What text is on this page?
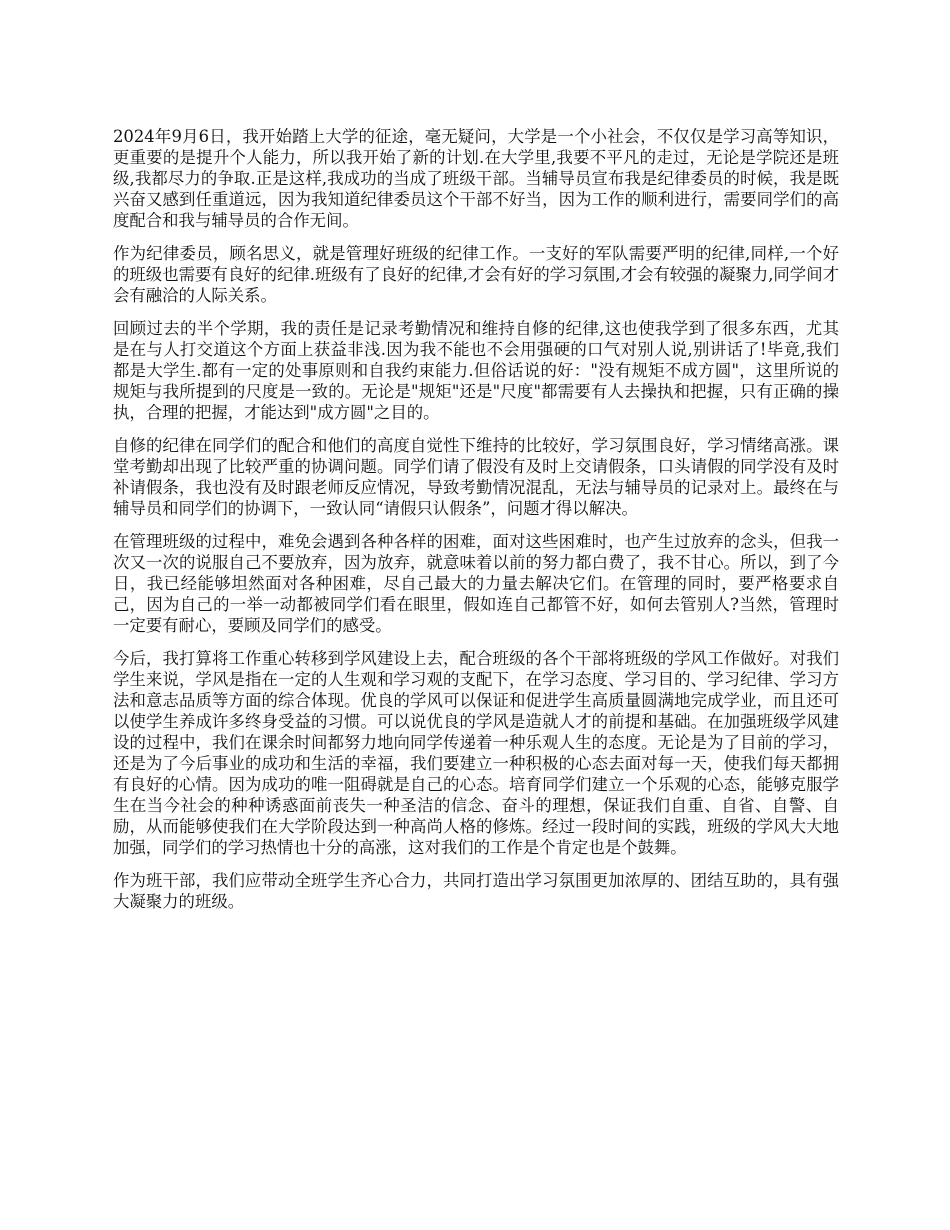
2024年9月6日，我开始踏上大学的征途，毫无疑问，大学是一个小社会，不仅仅是学习高等知识，更重要的是提升个人能力，所以我开始了新的计划.在大学里,我要不平凡的走过，无论是学院还是班级,我都尽力的争取.正是这样,我成功的当成了班级干部。当辅导员宣布我是纪律委员的时候，我是既兴奋又感到任重道远，因为我知道纪律委员这个干部不好当，因为工作的顺利进行，需要同学们的高度配合和我与辅导员的合作无间。

作为纪律委员，顾名思义，就是管理好班级的纪律工作。一支好的军队需要严明的纪律,同样,一个好的班级也需要有良好的纪律.班级有了良好的纪律,才会有好的学习氛围,才会有较强的凝聚力,同学间才会有融洽的人际关系。

回顾过去的半个学期，我的责任是记录考勤情况和维持自修的纪律,这也使我学到了很多东西，尤其是在与人打交道这个方面上获益非浅.因为我不能也不会用强硬的口气对别人说,别讲话了!毕竟,我们都是大学生.都有一定的处事原则和自我约束能力.但俗话说的好："没有规矩不成方圆"，这里所说的规矩与我所提到的尺度是一致的。无论是"规矩"还是"尺度"都需要有人去操执和把握，只有正确的操执，合理的把握，才能达到"成方圆"之目的。

自修的纪律在同学们的配合和他们的高度自觉性下维持的比较好，学习氛围良好，学习情绪高涨。课堂考勤却出现了比较严重的协调问题。同学们请了假没有及时上交请假条，口头请假的同学没有及时补请假条，我也没有及时跟老师反应情况，导致考勤情况混乱，无法与辅导员的记录对上。最终在与辅导员和同学们的协调下，一致认同“请假只认假条”，问题才得以解决。

在管理班级的过程中，难免会遇到各种各样的困难，面对这些困难时，也产生过放弃的念头，但我一次又一次的说服自己不要放弃，因为放弃，就意味着以前的努力都白费了，我不甘心。所以，到了今日，我已经能够坦然面对各种困难，尽自己最大的力量去解决它们。在管理的同时，要严格要求自己，因为自己的一举一动都被同学们看在眼里，假如连自己都管不好，如何去管别人?当然，管理时一定要有耐心，要顾及同学们的感受。

今后，我打算将工作重心转移到学风建设上去，配合班级的各个干部将班级的学风工作做好。对我们学生来说，学风是指在一定的人生观和学习观的支配下，在学习态度、学习目的、学习纪律、学习方法和意志品质等方面的综合体现。优良的学风可以保证和促进学生高质量圆满地完成学业，而且还可以使学生养成许多终身受益的习惯。可以说优良的学风是造就人才的前提和基础。在加强班级学风建设的过程中，我们在课余时间都努力地向同学传递着一种乐观人生的态度。无论是为了目前的学习，还是为了今后事业的成功和生活的幸福，我们要建立一种积极的心态去面对每一天，使我们每天都拥有良好的心情。因为成功的唯一阻碍就是自己的心态。培育同学们建立一个乐观的心态，能够克服学生在当今社会的种种诱惑面前丧失一种圣洁的信念、奋斗的理想，保证我们自重、自省、自警、自励，从而能够使我们在大学阶段达到一种高尚人格的修炼。经过一段时间的实践，班级的学风大大地加强，同学们的学习热情也十分的高涨，这对我们的工作是个肯定也是个鼓舞。

作为班干部，我们应带动全班学生齐心合力，共同打造出学习氛围更加浓厚的、团结互助的，具有强大凝聚力的班级。
